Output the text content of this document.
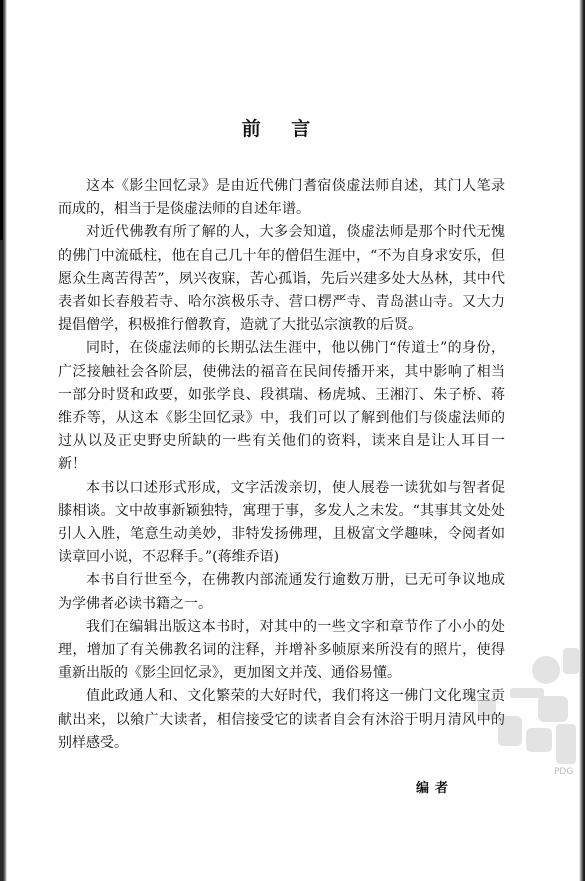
前 言

这本《影尘回忆录》是由近代佛门耆宿倓虚法师自述，其门人笔录而成的，相当于是倓虚法师的自述年谱。

对近代佛教有所了解的人，大多会知道，倓虚法师是那个时代无愧的佛门中流砥柱，他在自己几十年的僧侣生涯中，“不为自身求安乐，但愿众生离苦得苦”，夙兴夜寐，苦心孤诣，先后兴建多处大丛林，其中代表者如长春般若寺、哈尔滨极乐寺、营口楞严寺、青岛湛山寺。又大力提倡僧学，积极推行僧教育，造就了大批弘宗演教的后贤。

同时，在倓虚法师的长期弘法生涯中，他以佛门“传道士”的身份，广泛接触社会各阶层，使佛法的福音在民间传播开来，其中影响了相当一部分时贤和政要，如张学良、段祺瑞、杨虎城、王湘汀、朱子桥、蒋维乔等，从这本《影尘回忆录》中，我们可以了解到他们与倓虚法师的过从以及正史野史所缺的一些有关他们的资料，读来自是让人耳目一新！

本书以口述形式形成，文字活泼亲切，使人展卷一读犹如与智者促膝相谈。文中故事新颖独特，寓理于事，多发人之未发。“其事其文处处引人入胜，笔意生动美妙，非特发扬佛理，且极富文学趣味，令阅者如读章回小说，不忍释手。”(蒋维乔语)

本书自行世至今，在佛教内部流通发行逾数万册，已无可争议地成为学佛者必读书籍之一。

我们在编辑出版这本书时，对其中的一些文字和章节作了小小的处理，增加了有关佛教名词的注释，并增补多帧原来所没有的照片，使得重新出版的《影尘回忆录》，更加图文并茂、通俗易懂。

值此政通人和、文化繁荣的大好时代，我们将这一佛门文化瑰宝贡献出来，以飨广大读者，相信接受它的读者自会有沐浴于明月清风中的别样感受。

编者
PDG
